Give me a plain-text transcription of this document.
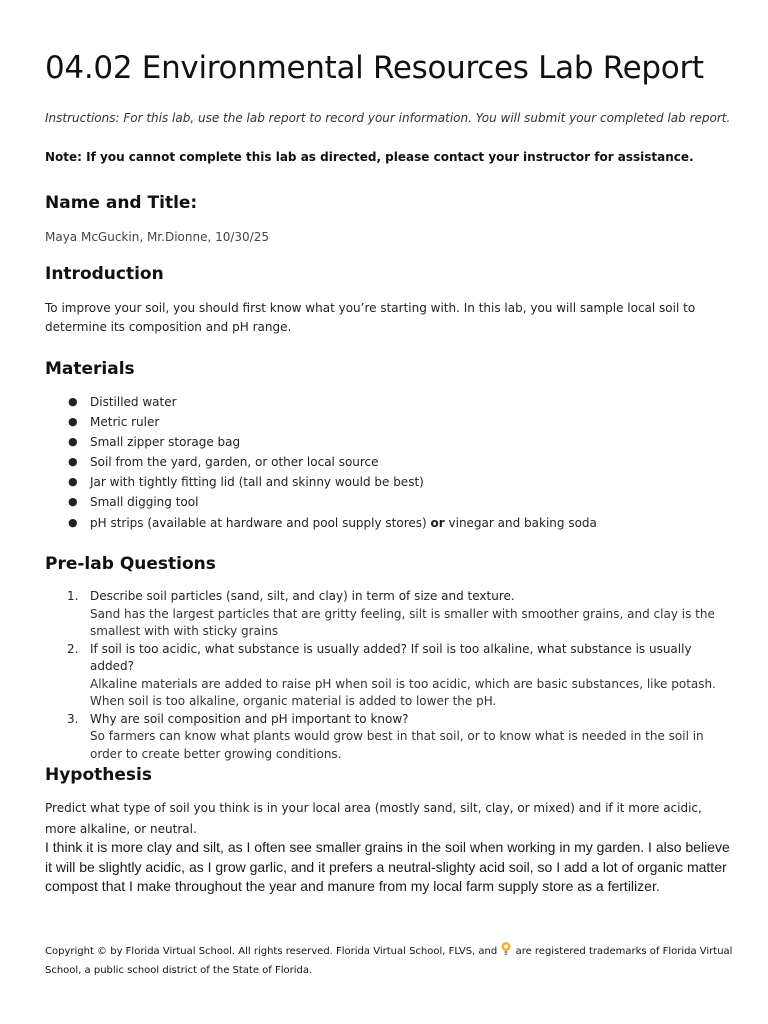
04.02 Environmental Resources Lab Report
Instructions: For this lab, use the lab report to record your information. You will submit your completed lab report.
Note: If you cannot complete this lab as directed, please contact your instructor for assistance.
Name and Title:
Maya McGuckin, Mr.Dionne, 10/30/25
Introduction
To improve your soil, you should first know what you’re starting with. In this lab, you will sample local soil to determine its composition and pH range.
Materials
● Distilled water
● Metric ruler
● Small zipper storage bag
● Soil from the yard, garden, or other local source
● Jar with tightly fitting lid (tall and skinny would be best)
● Small digging tool
● pH strips (available at hardware and pool supply stores) or vinegar and baking soda
Pre-lab Questions
1. Describe soil particles (sand, silt, and clay) in term of size and texture.
Sand has the largest particles that are gritty feeling, silt is smaller with smoother grains, and clay is the smallest with with sticky grains
2. If soil is too acidic, what substance is usually added? If soil is too alkaline, what substance is usually added?
Alkaline materials are added to raise pH when soil is too acidic, which are basic substances, like potash. When soil is too alkaline, organic material is added to lower the pH.
3. Why are soil composition and pH important to know?
So farmers can know what plants would grow best in that soil, or to know what is needed in the soil in order to create better growing conditions.
Hypothesis
Predict what type of soil you think is in your local area (mostly sand, silt, clay, or mixed) and if it more acidic, more alkaline, or neutral.
I think it is more clay and silt, as I often see smaller grains in the soil when working in my garden. I also believe it will be slightly acidic, as I grow garlic, and it prefers a neutral-slighty acid soil, so I add a lot of organic matter compost that I make throughout the year and manure from my local farm supply store as a fertilizer.
Copyright © by Florida Virtual School. All rights reserved. Florida Virtual School, FLVS, and  are registered trademarks of Florida Virtual School, a public school district of the State of Florida.
